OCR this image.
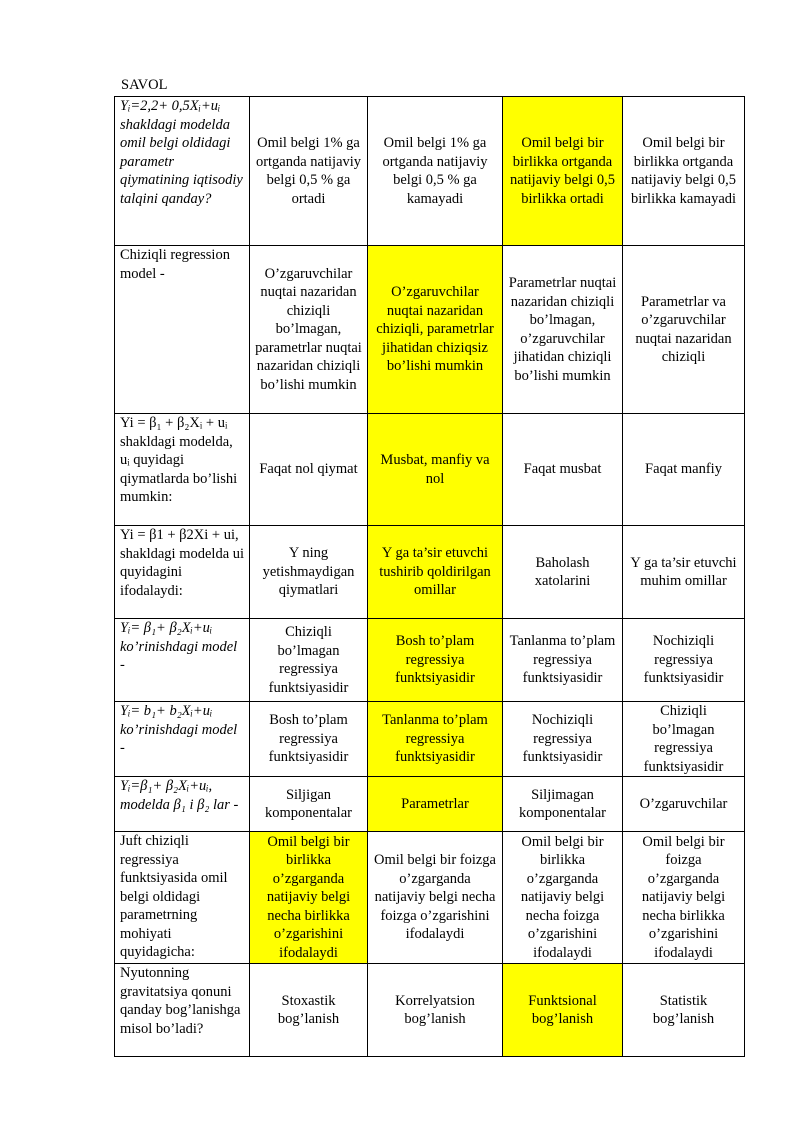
SAVOL
Yᵢ=2,2+ 0,5Xᵢ+uᵢ shakldagi modelda omil belgi oldidagi parametr qiymatining iqtisodiy talqini qanday?	Omil belgi 1% ga ortganda natijaviy belgi 0,5 % ga ortadi	Omil belgi 1% ga ortganda natijaviy belgi 0,5 % ga kamayadi	Omil belgi bir birlikka ortganda natijaviy belgi 0,5 birlikka ortadi	Omil belgi bir birlikka ortganda natijaviy belgi 0,5 birlikka kamayadi
Chiziqli regression model -	O’zgaruvchilar nuqtai nazaridan chiziqli bo’lmagan, parametrlar nuqtai nazaridan chiziqli bo’lishi mumkin	O’zgaruvchilar nuqtai nazaridan chiziqli, parametrlar jihatidan chiziqsiz bo’lishi mumkin	Parametrlar nuqtai nazaridan chiziqli bo’lmagan, o’zgaruvchilar jihatidan chiziqli bo’lishi mumkin	Parametrlar va o’zgaruvchilar nuqtai nazaridan chiziqli
Yi = β₁ + β₂Xᵢ + uᵢ shakldagi modelda, uᵢ quyidagi qiymatlarda bo’lishi mumkin:	Faqat nol qiymat	Musbat, manfiy va nol	Faqat musbat	Faqat manfiy
Yi = β1 + β2Xi + ui, shakldagi modelda ui quyidagini ifodalaydi:	Y ning yetishmaydigan qiymatlari	Y ga ta’sir etuvchi tushirib qoldirilgan omillar	Baholash xatolarini	Y ga ta’sir etuvchi muhim omillar
Yᵢ= β₁+ β₂Xᵢ+uᵢ ko’rinishdagi model -	Chiziqli bo’lmagan regressiya funktsiyasidir	Bosh to’plam regressiya funktsiyasidir	Tanlanma to’plam regressiya funktsiyasidir	Nochiziqli regressiya funktsiyasidir
Yᵢ= b₁+ b₂Xᵢ+uᵢ ko’rinishdagi model -	Bosh to’plam regressiya funktsiyasidir	Tanlanma to’plam regressiya funktsiyasidir	Nochiziqli regressiya funktsiyasidir	Chiziqli bo’lmagan regressiya funktsiyasidir
Yᵢ=β₁+ β₂Xᵢ+uᵢ, modelda β₁ i β₂ lar -	Siljigan komponentalar	Parametrlar	Siljimagan komponentalar	O’zgaruvchilar
Juft chiziqli regressiya funktsiyasida omil belgi oldidagi parametrning mohiyati quyidagicha:	Omil belgi bir birlikka o’zgarganda natijaviy belgi necha birlikka o’zgarishini ifodalaydi	Omil belgi bir foizga o’zgarganda natijaviy belgi necha foizga o’zgarishini ifodalaydi	Omil belgi bir birlikka o’zgarganda natijaviy belgi necha foizga o’zgarishini ifodalaydi	Omil belgi bir foizga o’zgarganda natijaviy belgi necha birlikka o’zgarishini ifodalaydi
Nyutonning gravitatsiya qonuni qanday bog’lanishga misol bo’ladi?	Stoxastik bog’lanish	Korrelyatsion bog’lanish	Funktsional bog’lanish	Statistik bog’lanish
